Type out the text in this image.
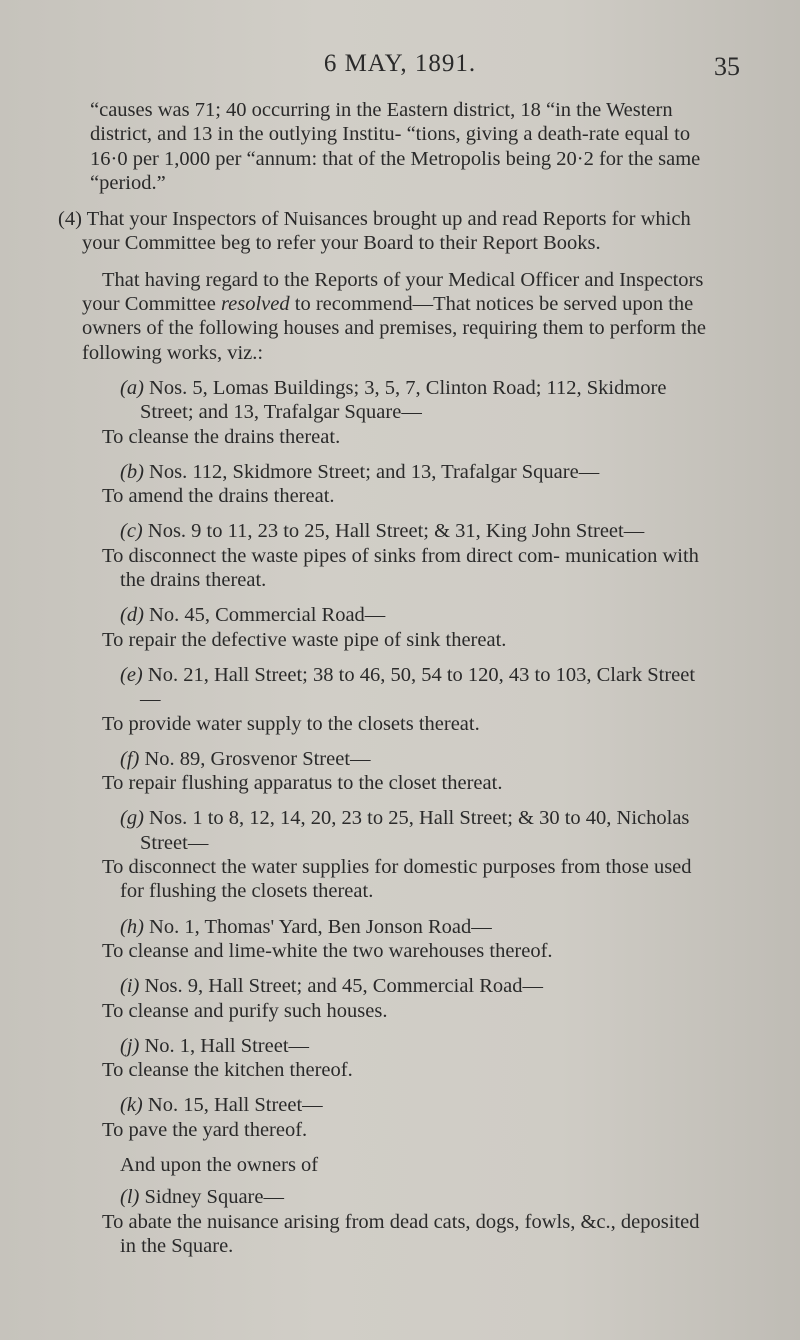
6 MAY, 1891.	35

“causes was 71; 40 occurring in the Eastern district, 18 “in the Western district, and 13 in the outlying Institu- “tions, giving a death-rate equal to 16·0 per 1,000 per “annum: that of the Metropolis being 20·2 for the same “period.”

(4) That your Inspectors of Nuisances brought up and read Reports for which your Committee beg to refer your Board to their Report Books.

That having regard to the Reports of your Medical Officer and Inspectors your Committee resolved to recommend—That notices be served upon the owners of the following houses and premises, requiring them to perform the following works, viz.:

(a) Nos. 5, Lomas Buildings; 3, 5, 7, Clinton Road; 112, Skidmore Street; and 13, Trafalgar Square—

To cleanse the drains thereat.

(b) Nos. 112, Skidmore Street; and 13, Trafalgar Square—

To amend the drains thereat.

(c) Nos. 9 to 11, 23 to 25, Hall Street; & 31, King John Street—

To disconnect the waste pipes of sinks from direct com- munication with the drains thereat.

(d) No. 45, Commercial Road—

To repair the defective waste pipe of sink thereat.

(e) No. 21, Hall Street; 38 to 46, 50, 54 to 120, 43 to 103, Clark Street—

To provide water supply to the closets thereat.

(f) No. 89, Grosvenor Street—

To repair flushing apparatus to the closet thereat.

(g) Nos. 1 to 8, 12, 14, 20, 23 to 25, Hall Street; & 30 to 40, Nicholas Street—

To disconnect the water supplies for domestic purposes from those used for flushing the closets thereat.

(h) No. 1, Thomas' Yard, Ben Jonson Road—

To cleanse and lime-white the two warehouses thereof.

(i) Nos. 9, Hall Street; and 45, Commercial Road—

To cleanse and purify such houses.

(j) No. 1, Hall Street—

To cleanse the kitchen thereof.

(k) No. 15, Hall Street—

To pave the yard thereof.

And upon the owners of

(l) Sidney Square—

To abate the nuisance arising from dead cats, dogs, fowls, &c., deposited in the Square.
